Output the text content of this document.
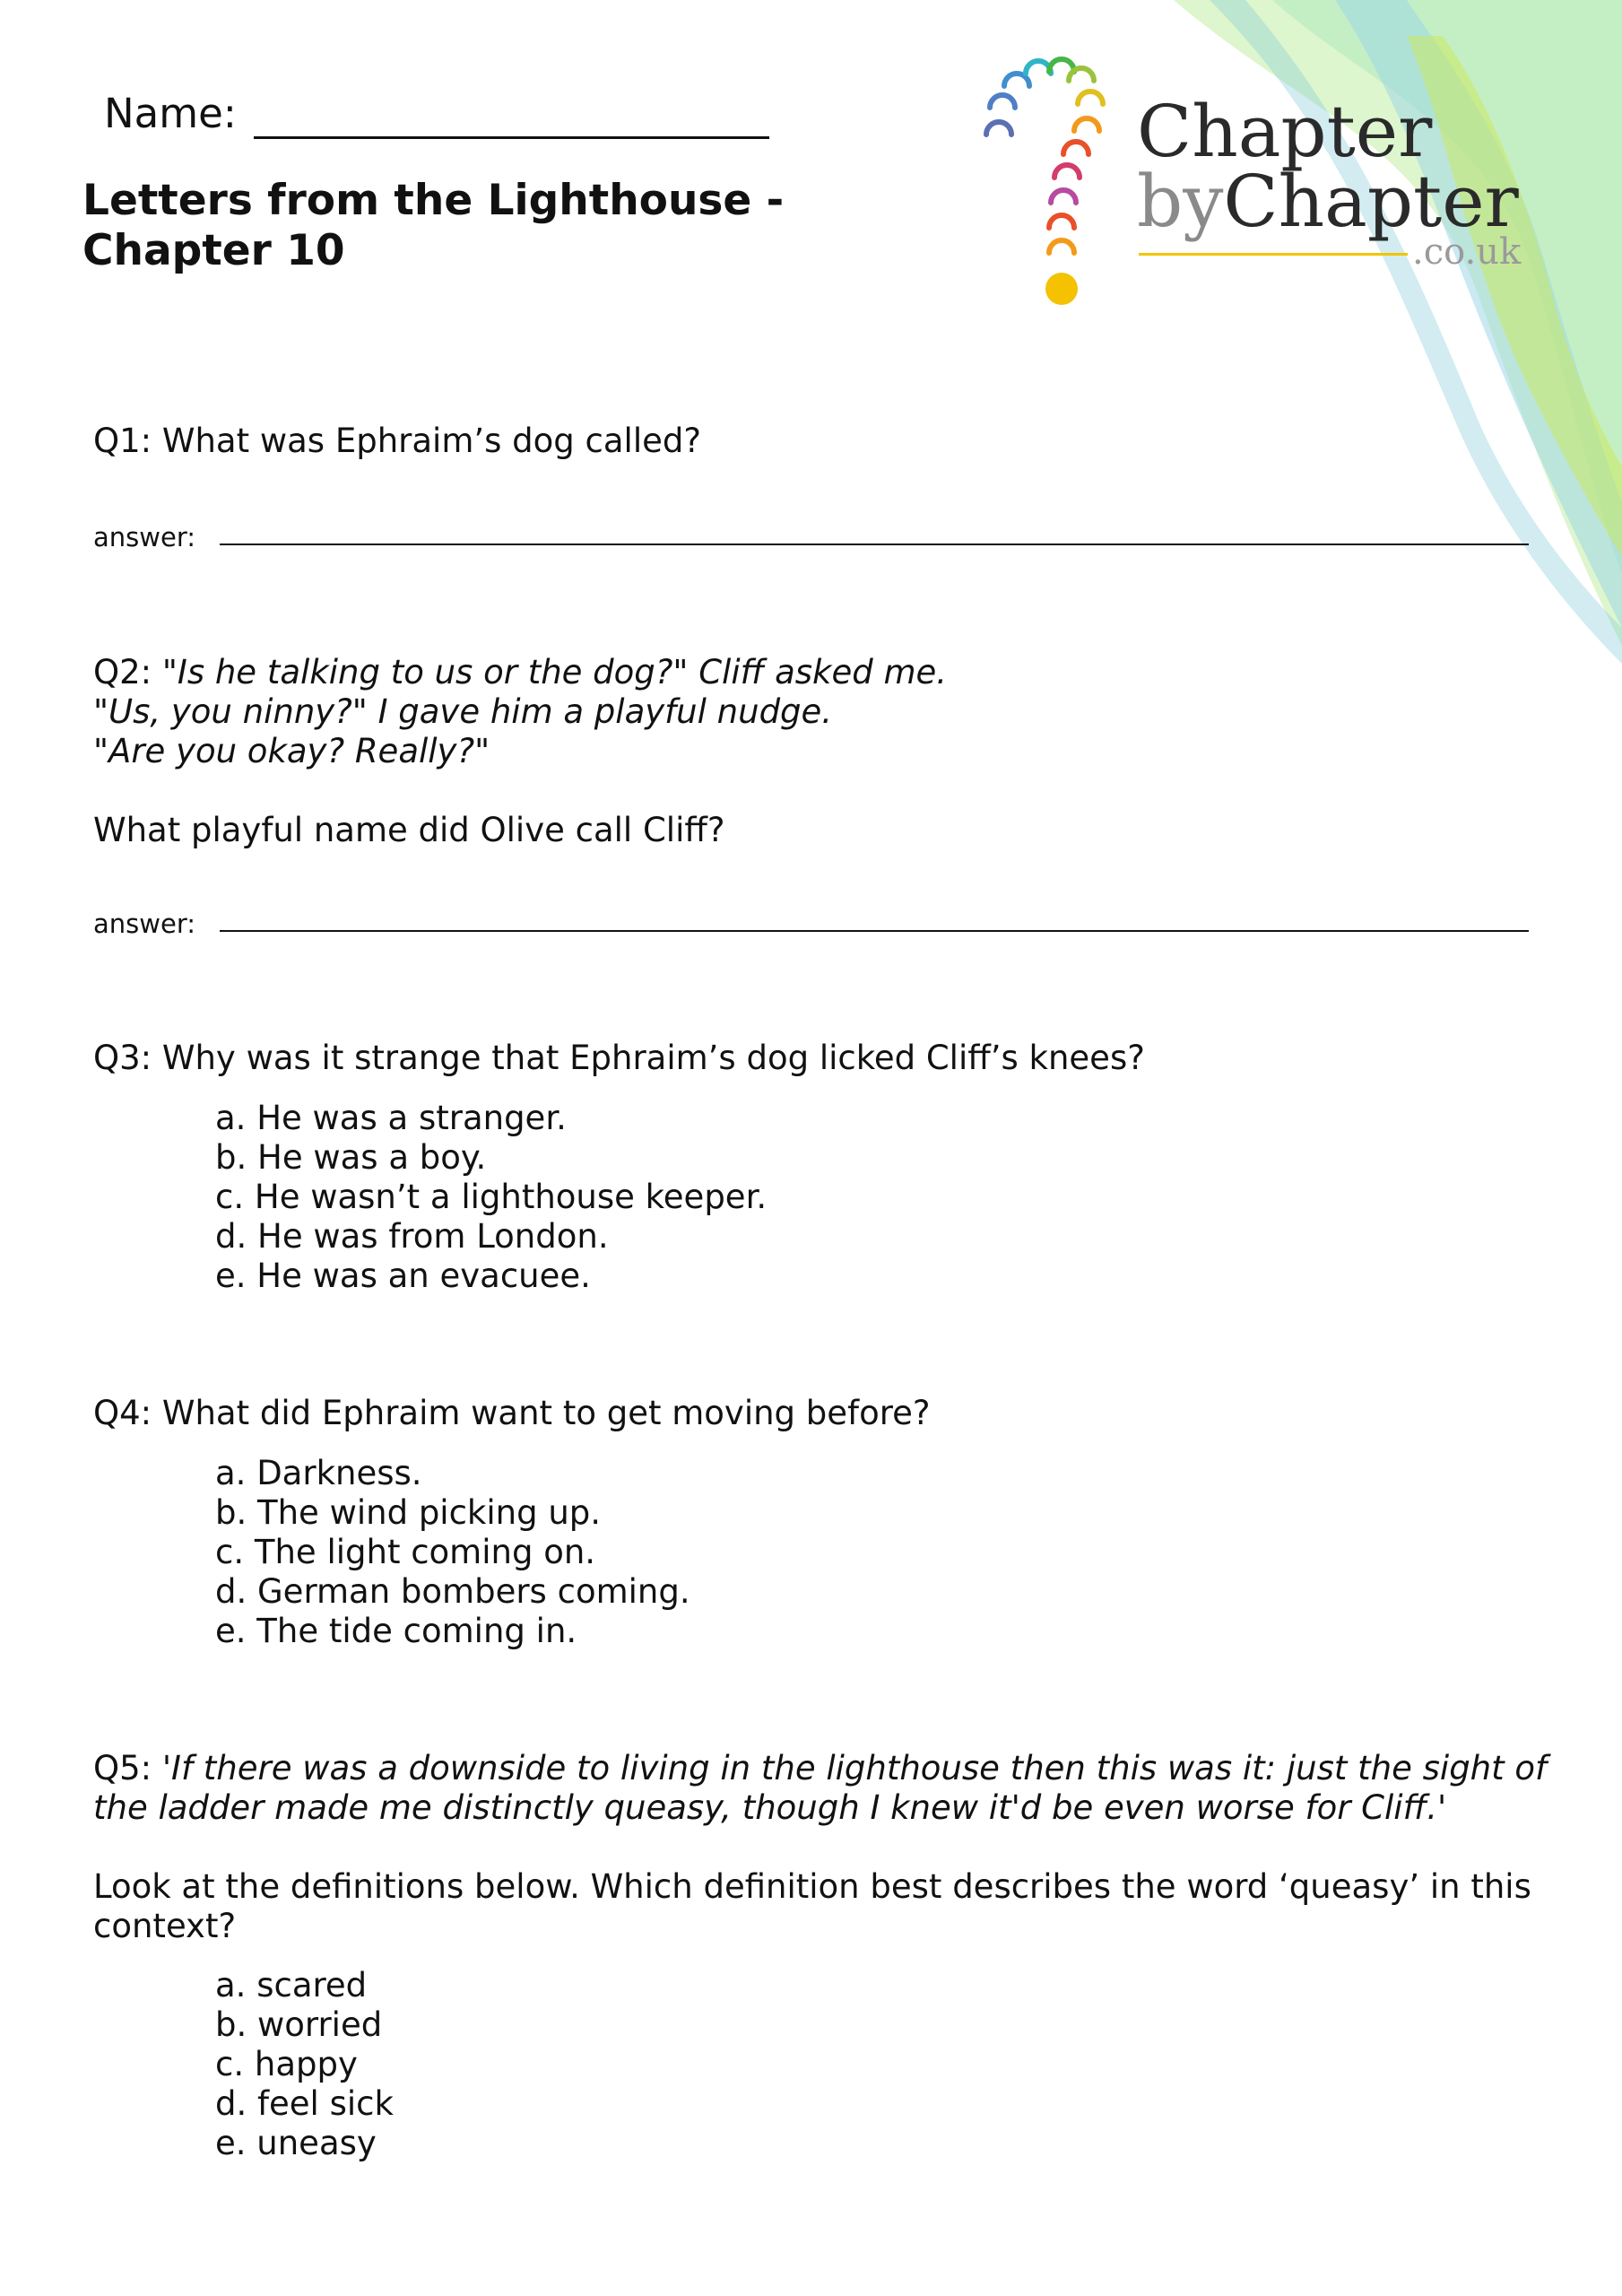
Name:
Letters from the Lighthouse -
Chapter 10
Chapter
byChapter
.co.uk
Q1: What was Ephraim’s dog called?
answer:
Q2: "Is he talking to us or the dog?" Cliff asked me.
"Us, you ninny?" I gave him a playful nudge.
"Are you okay? Really?"
What playful name did Olive call Cliff?
answer:
Q3: Why was it strange that Ephraim’s dog licked Cliff’s knees?
a. He was a stranger.
b. He was a boy.
c. He wasn’t a lighthouse keeper.
d. He was from London.
e. He was an evacuee.
Q4: What did Ephraim want to get moving before?
a. Darkness.
b. The wind picking up.
c. The light coming on.
d. German bombers coming.
e. The tide coming in.
Q5: 'If there was a downside to living in the lighthouse then this was it: just the sight of
the ladder made me distinctly queasy, though I knew it'd be even worse for Cliff.'
Look at the definitions below. Which definition best describes the word ‘queasy’ in this
context?
a. scared
b. worried
c. happy
d. feel sick
e. uneasy
